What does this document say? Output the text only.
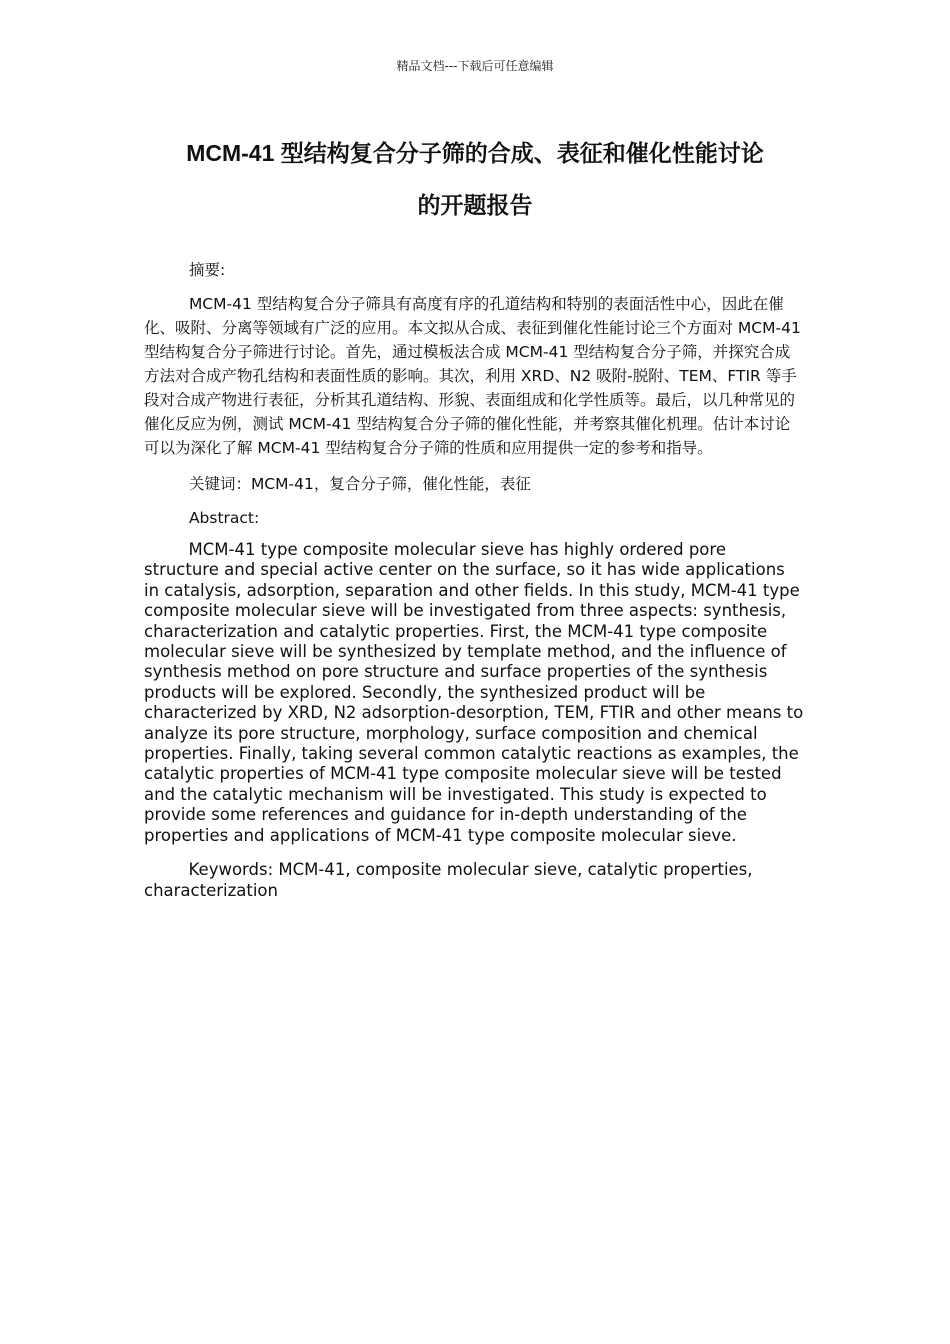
精品文档---下载后可任意编辑
MCM-41 型结构复合分子筛的合成、表征和催化性能讨论
的开题报告

摘要:

MCM-41 型结构复合分子筛具有高度有序的孔道结构和特别的表面活性中心，因此在催化、吸附、分离等领域有广泛的应用。本文拟从合成、表征到催化性能讨论三个方面对 MCM-41 型结构复合分子筛进行讨论。首先，通过模板法合成 MCM-41 型结构复合分子筛，并探究合成方法对合成产物孔结构和表面性质的影响。其次，利用 XRD、N2 吸附-脱附、TEM、FTIR 等手段对合成产物进行表征，分析其孔道结构、形貌、表面组成和化学性质等。最后，以几种常见的催化反应为例，测试 MCM-41 型结构复合分子筛的催化性能，并考察其催化机理。估计本讨论可以为深化了解 MCM-41 型结构复合分子筛的性质和应用提供一定的参考和指导。

关键词：MCM-41，复合分子筛，催化性能，表征

Abstract:

MCM-41 type composite molecular sieve has highly ordered pore structure and special active center on the surface, so it has wide applications in catalysis, adsorption, separation and other fields. In this study, MCM-41 type composite molecular sieve will be investigated from three aspects: synthesis, characterization and catalytic properties. First, the MCM-41 type composite molecular sieve will be synthesized by template method, and the influence of synthesis method on pore structure and surface properties of the synthesis products will be explored. Secondly, the synthesized product will be characterized by XRD, N2 adsorption-desorption, TEM, FTIR and other means to analyze its pore structure, morphology, surface composition and chemical properties. Finally, taking several common catalytic reactions as examples, the catalytic properties of MCM-41 type composite molecular sieve will be tested and the catalytic mechanism will be investigated. This study is expected to provide some references and guidance for in-depth understanding of the properties and applications of MCM-41 type composite molecular sieve.

Keywords: MCM-41, composite molecular sieve, catalytic properties, characterization
